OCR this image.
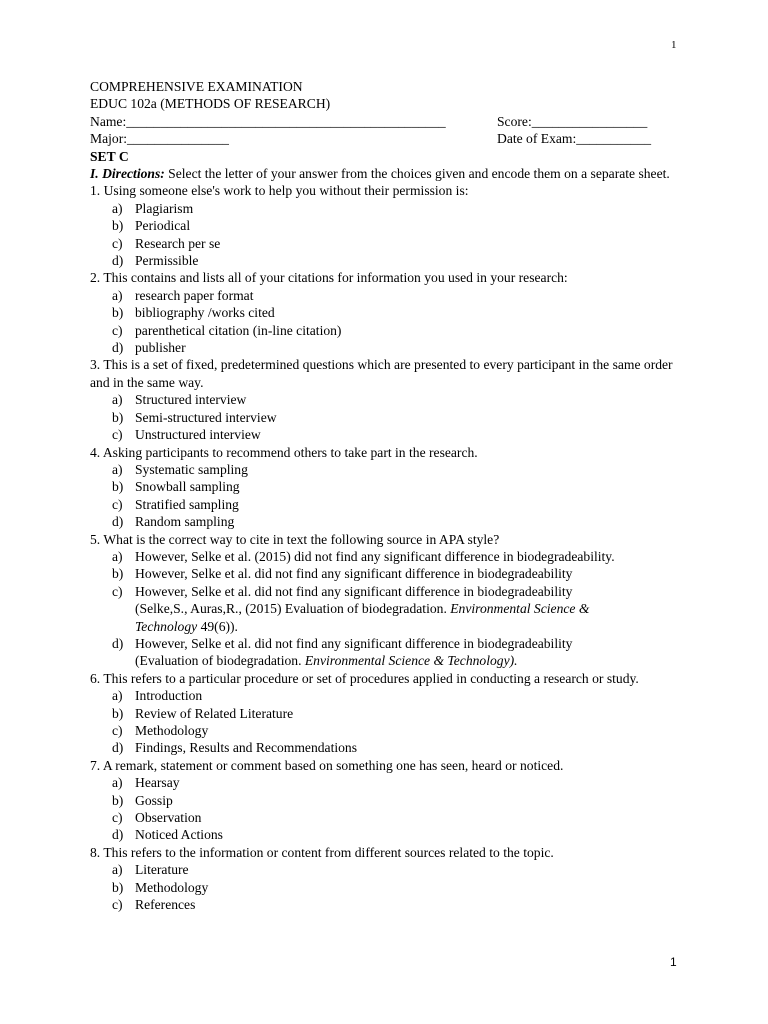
1
COMPREHENSIVE EXAMINATION
EDUC 102a (METHODS OF RESEARCH)
Name:_______________________________________________	Score:_________________
Major:_______________	Date of Exam:___________
SET C
I. Directions: Select the letter of your answer from the choices given and encode them on a separate sheet.
1. Using someone else's work to help you without their permission is:
a) Plagiarism
b) Periodical
c) Research per se
d) Permissible
2. This contains and lists all of your citations for information you used in your research:
a) research paper format
b) bibliography /works cited
c) parenthetical citation (in-line citation)
d) publisher
3. This is a set of fixed, predetermined questions which are presented to every participant in the same order and in the same way.
a) Structured interview
b) Semi-structured interview
c) Unstructured interview
4. Asking participants to recommend others to take part in the research.
a) Systematic sampling
b) Snowball sampling
c) Stratified sampling
d) Random sampling
5. What is the correct way to cite in text the following source in APA style?
a) However, Selke et al. (2015) did not find any significant difference in biodegradeability.
b) However, Selke et al. did not find any significant difference in biodegradeability
c) However, Selke et al. did not find any significant difference in biodegradeability
(Selke,S., Auras,R., (2015) Evaluation of biodegradation. Environmental Science &
Technology 49(6)).
d) However, Selke et al. did not find any significant difference in biodegradeability
(Evaluation of biodegradation. Environmental Science & Technology).
6. This refers to a particular procedure or set of procedures applied in conducting a research or study.
a) Introduction
b) Review of Related Literature
c) Methodology
d) Findings, Results and Recommendations
7. A remark, statement or comment based on something one has seen, heard or noticed.
a) Hearsay
b) Gossip
c) Observation
d) Noticed Actions
8. This refers to the information or content from different sources related to the topic.
a) Literature
b) Methodology
c) References
1
